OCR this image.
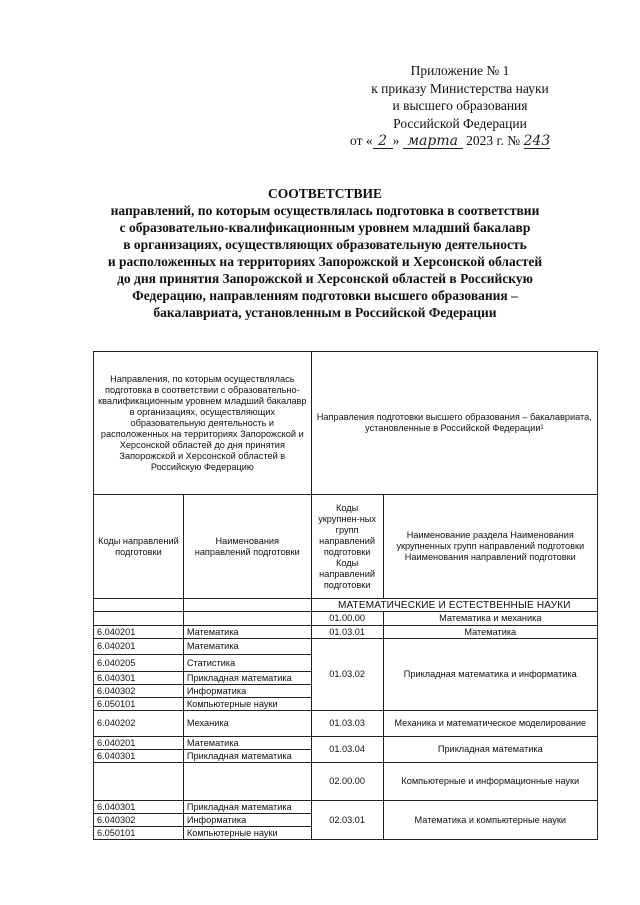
Приложение № 1
к приказу Министерства науки
и высшего образования
Российской Федерации
от « 2 » марта 2023 г. № 243
СООТВЕТСТВИЕ
направлений, по которым осуществлялась подготовка в соответствии
с образовательно-квалификационным уровнем младший бакалавр
в организациях, осуществляющих образовательную деятельность
и расположенных на территориях Запорожской и Херсонской областей
до дня принятия Запорожской и Херсонской областей в Российскую
Федерацию, направлениям подготовки высшего образования –
бакалавриата, установленным в Российской Федерации
Направления, по которым осуществлялась подготовка в соответствии с образовательно-квалификационным уровнем младший бакалавр в организациях, осуществляющих образовательную деятельность и расположенных на территориях Запорожской и Херсонской областей до дня принятия Запорожской и Херсонской областей в Российскую Федерацию		Направления подготовки высшего образования – бакалавриата, установленные в Российской Федерации¹	
Коды направлений подготовки	Наименования направлений подготовки	Коды укрупнен-ных групп направлений подготовки Коды направлений подготовки	Наименование раздела Наименования укрупненных групп направлений подготовки Наименования направлений подготовки
		МАТЕМАТИЧЕСКИЕ И ЕСТЕСТВЕННЫЕ НАУКИ	
		01.00.00	Математика и механика
6.040201	Математика	01.03.01	Математика
6.040201	Математика	01.03.02	Прикладная математика и информатика
6.040205	Статистика		
6.040301	Прикладная математика		
6.040302	Информатика		
6.050101	Компьютерные науки		
6.040202	Механика	01.03.03	Механика и математическое моделирование
6.040201	Математика	01.03.04	Прикладная математика
6.040301	Прикладная математика		
		02.00.00	Компьютерные и информационные науки
6.040301	Прикладная математика	02.03.01	Математика и компьютерные науки
6.040302	Информатика		
6.050101	Компьютерные науки		
